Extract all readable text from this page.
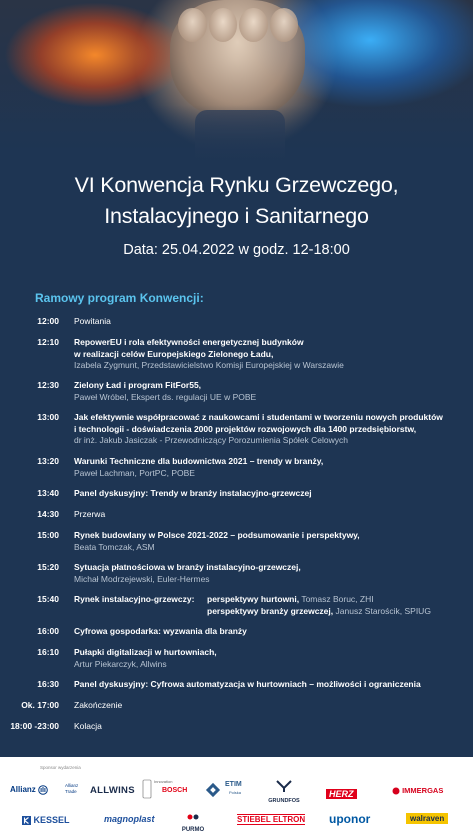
VI Konwencja Rynku Grzewczego,
Instalacyjnego i Sanitarnego
Data: 25.04.2022 w godz. 12-18:00
Ramowy program Konwencji:
12:00 Powitania
12:10 RepowerEU i rola efektywności energetycznej budynków
w realizacji celów Europejskiego Zielonego Ładu,
Izabela Zygmunt, Przedstawicielstwo Komisji Europejskiej w Warszawie
12:30 Zielony Ład i program FitFor55,
Paweł Wróbel, Ekspert ds. regulacji UE w POBE
13:00 Jak efektywnie współpracować z naukowcami i studentami w tworzeniu nowych produktów
i technologii - doświadczenia 2000 projektów rozwojowych dla 1400 przedsiębiorstw,
dr inż. Jakub Jasiczak - Przewodniczący Porozumienia Spółek Celowych
13:20 Warunki Techniczne dla budownictwa 2021 – trendy w branży,
Paweł Lachman, PortPC, POBE
13:40 Panel dyskusyjny: Trendy w branży instalacyjno-grzewczej
14:30 Przerwa
15:00 Rynek budowlany w Polsce 2021-2022 – podsumowanie i perspektywy,
Beata Tomczak, ASM
15:20 Sytuacja płatnościowa w branży instalacyjno-grzewczej,
Michał Modrzejewski, Euler-Hermes
15:40 Rynek instalacyjno-grzewczy: perspektywy hurtowni, Tomasz Boruc, ZHI
perspektywy branży grzewczej, Janusz Starościk, SPIUG
16:00 Cyfrowa gospodarka: wyzwania dla branży
16:10 Pułapki digitalizacji w hurtowniach,
Artur Piekarczyk, Allwins
16:30 Panel dyskusyjny: Cyfrowa automatyzacja w hurtowniach – możliwości i ograniczenia
Ok. 17:00 Zakończenie
18:00 -23:00 Kolacja
Sponsor wydarzenia
Allianz	Allianz
Trade ALLWINS
Innovation
BOSCH
ETIM
Polska
GRUNDFOS
HERZ	IMMERGAS
KESSEL	magnoplast
PURMO
STIEBEL ELTRON uponor	walraven
